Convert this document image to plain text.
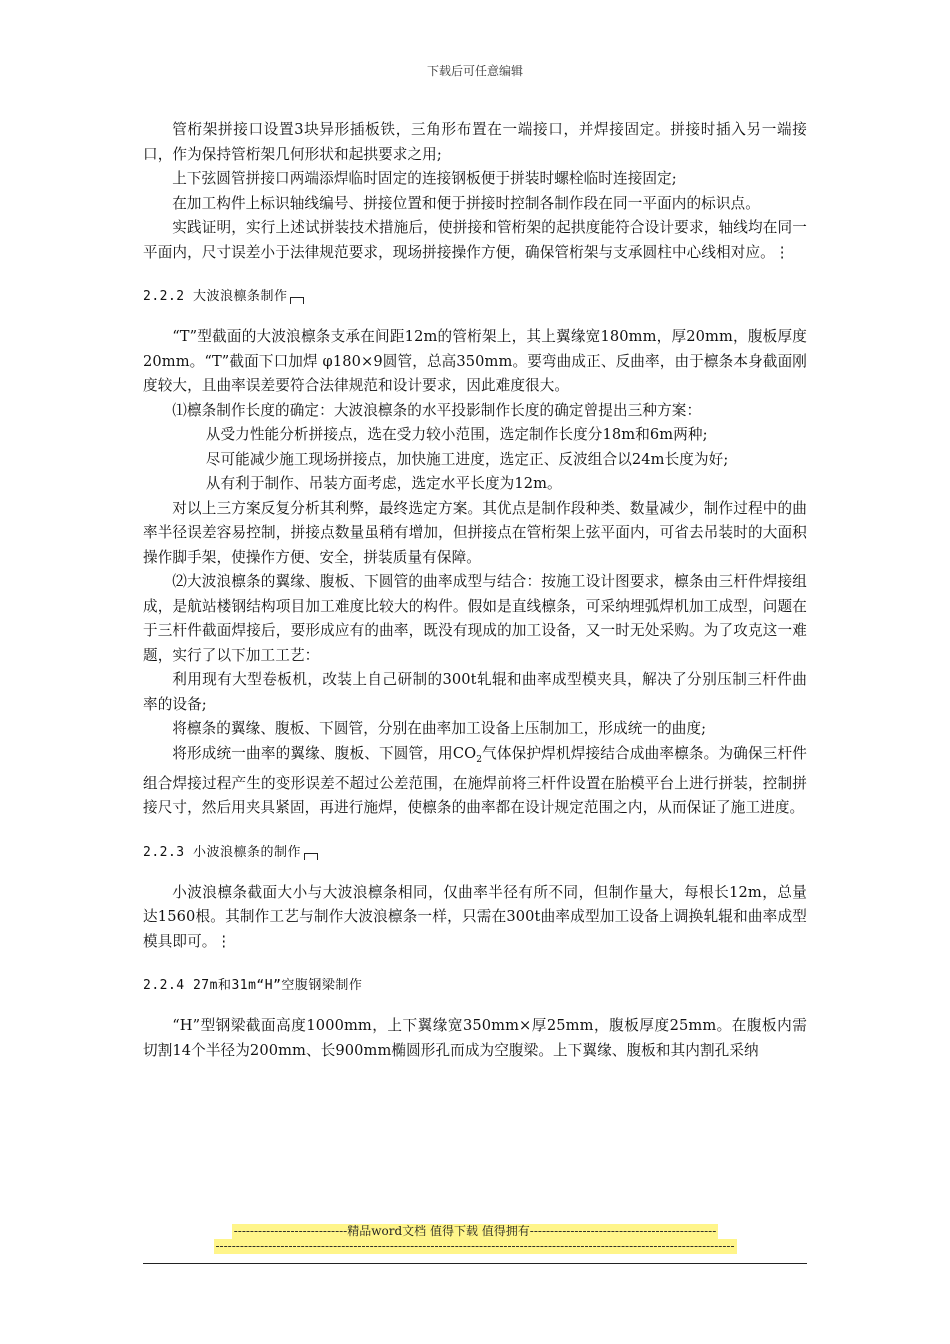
下载后可任意编辑

管桁架拼接口设置3块异形插板铁，三角形布置在一端接口，并焊接固定。拼接时插入另一端接口，作为保持管桁架几何形状和起拱要求之用;

上下弦圆管拼接口两端添焊临时固定的连接钢板便于拼装时螺栓临时连接固定;

在加工构件上标识轴线编号、拼接位置和便于拼接时控制各制作段在同一平面内的标识点。

实践证明，实行上述试拼装技术措施后，使拼接和管桁架的起拱度能符合设计要求，轴线均在同一平面内，尺寸误差小于法律规范要求，现场拼接操作方便，确保管桁架与支承圆柱中心线相对应。⋮

2.2.2 大波浪檩条制作

“T”型截面的大波浪檩条支承在间距12m的管桁架上，其上翼缘宽180mm，厚20mm，腹板厚度20mm。“T”截面下口加焊 φ180×9圆管，总高350mm。要弯曲成正、反曲率，由于檩条本身截面刚度较大，且曲率误差要符合法律规范和设计要求，因此难度很大。

⑴檩条制作长度的确定：大波浪檩条的水平投影制作长度的确定曾提出三种方案：

从受力性能分析拼接点，选在受力较小范围，选定制作长度分18m和6m两种;

尽可能减少施工现场拼接点，加快施工进度，选定正、反波组合以24m长度为好;

从有利于制作、吊装方面考虑，选定水平长度为12m。

对以上三方案反复分析其利弊，最终选定方案。其优点是制作段种类、数量减少，制作过程中的曲率半径误差容易控制，拼接点数量虽稍有增加，但拼接点在管桁架上弦平面内，可省去吊装时的大面积操作脚手架，使操作方便、安全，拼装质量有保障。

⑵大波浪檩条的翼缘、腹板、下圆管的曲率成型与结合：按施工设计图要求，檩条由三杆件焊接组成，是航站楼钢结构项目加工难度比较大的构件。假如是直线檩条，可采纳埋弧焊机加工成型，问题在于三杆件截面焊接后，要形成应有的曲率，既没有现成的加工设备，又一时无处采购。为了攻克这一难题，实行了以下加工工艺：

利用现有大型卷板机，改装上自己研制的300t轧辊和曲率成型模夹具，解决了分别压制三杆件曲率的设备;

将檩条的翼缘、腹板、下圆管，分别在曲率加工设备上压制加工，形成统一的曲度;

将形成统一曲率的翼缘、腹板、下圆管，用$CO_2$气体保护焊机焊接结合成曲率檩条。为确保三杆件组合焊接过程产生的变形误差不超过公差范围，在施焊前将三杆件设置在胎模平台上进行拼装，控制拼接尺寸，然后用夹具紧固，再进行施焊，使檩条的曲率都在设计规定范围之内，从而保证了施工进度。

2.2.3 小波浪檩条的制作

小波浪檩条截面大小与大波浪檩条相同，仅曲率半径有所不同，但制作量大，每根长12m，总量达1560根。其制作工艺与制作大波浪檩条一样，只需在300t曲率成型加工设备上调换轧辊和曲率成型模具即可。⋮

2.2.4 27m和31m“H”空腹钢梁制作

“H”型钢梁截面高度1000mm，上下翼缘宽350mm×厚25mm，腹板厚度25mm。在腹板内需切割14个半径为200mm、长900mm椭圆形孔而成为空腹梁。上下翼缘、腹板和其内割孔采纳

----------------------------精品word文档 值得下载 值得拥有----------------------------------------------
--------------------------------------------------------------------------------------------------------------------------------
